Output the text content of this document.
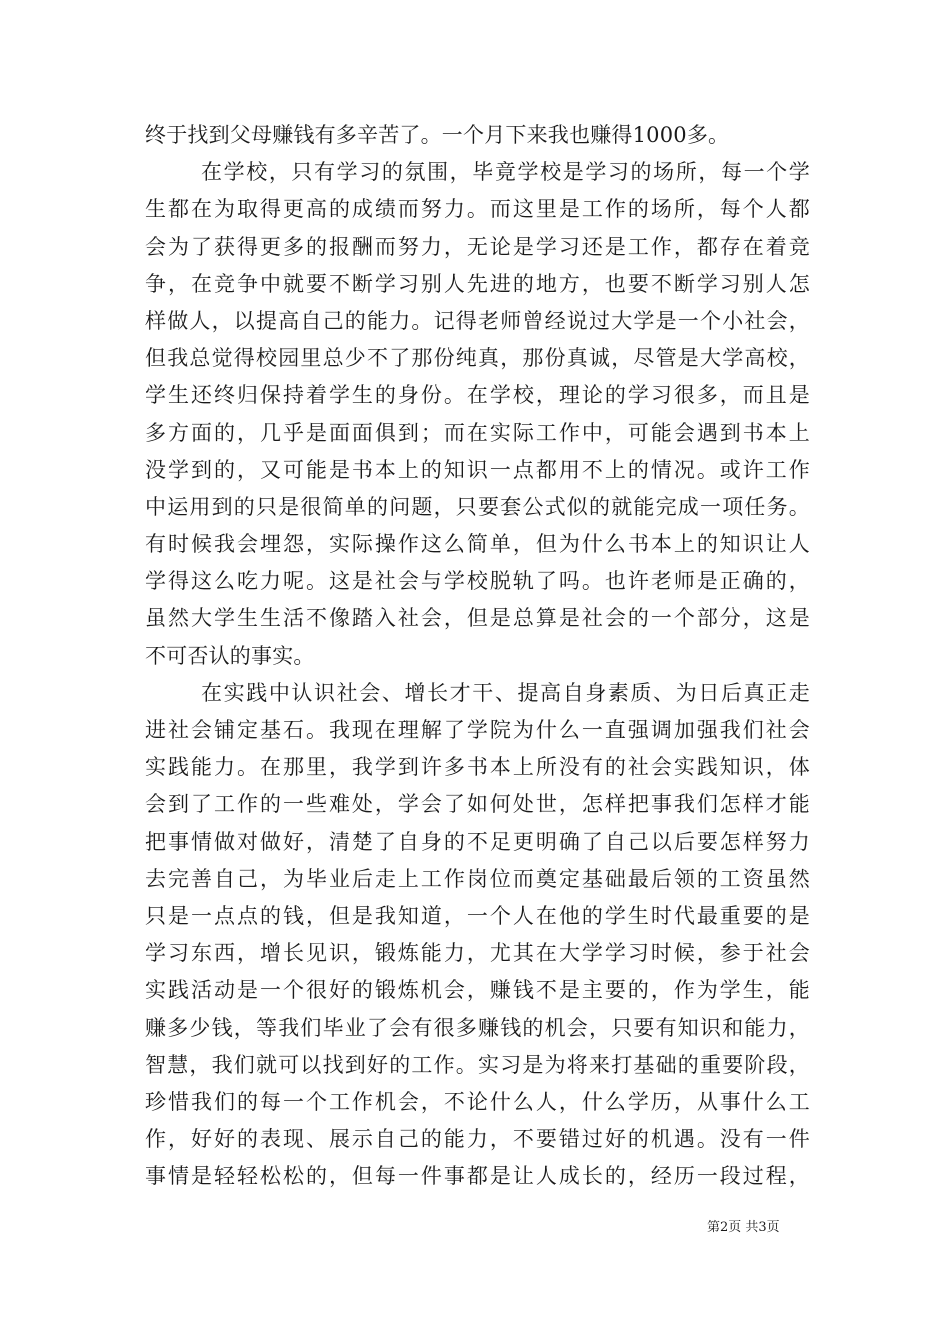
终于找到父母赚钱有多辛苦了。一个月下来我也赚得1000多。
在学校，只有学习的氛围，毕竟学校是学习的场所，每一个学
生都在为取得更高的成绩而努力。而这里是工作的场所，每个人都
会为了获得更多的报酬而努力，无论是学习还是工作，都存在着竞
争，在竞争中就要不断学习别人先进的地方，也要不断学习别人怎
样做人，以提高自己的能力。记得老师曾经说过大学是一个小社会，
但我总觉得校园里总少不了那份纯真，那份真诚，尽管是大学高校，
学生还终归保持着学生的身份。在学校，理论的学习很多，而且是
多方面的，几乎是面面俱到；而在实际工作中，可能会遇到书本上
没学到的，又可能是书本上的知识一点都用不上的情况。或许工作
中运用到的只是很简单的问题，只要套公式似的就能完成一项任务。
有时候我会埋怨，实际操作这么简单，但为什么书本上的知识让人
学得这么吃力呢。这是社会与学校脱轨了吗。也许老师是正确的，
虽然大学生生活不像踏入社会，但是总算是社会的一个部分，这是
不可否认的事实。
在实践中认识社会、增长才干、提高自身素质、为日后真正走
进社会铺定基石。我现在理解了学院为什么一直强调加强我们社会
实践能力。在那里，我学到许多书本上所没有的社会实践知识，体
会到了工作的一些难处，学会了如何处世，怎样把事我们怎样才能
把事情做对做好，清楚了自身的不足更明确了自己以后要怎样努力
去完善自己，为毕业后走上工作岗位而奠定基础最后领的工资虽然
只是一点点的钱，但是我知道，一个人在他的学生时代最重要的是
学习东西，增长见识，锻炼能力，尤其在大学学习时候，参于社会
实践活动是一个很好的锻炼机会，赚钱不是主要的，作为学生，能
赚多少钱，等我们毕业了会有很多赚钱的机会，只要有知识和能力，
智慧，我们就可以找到好的工作。实习是为将来打基础的重要阶段，
珍惜我们的每一个工作机会，不论什么人，什么学历，从事什么工
作，好好的表现、展示自己的能力，不要错过好的机遇。没有一件
事情是轻轻松松的，但每一件事都是让人成长的，经历一段过程，
第2页 共3页
